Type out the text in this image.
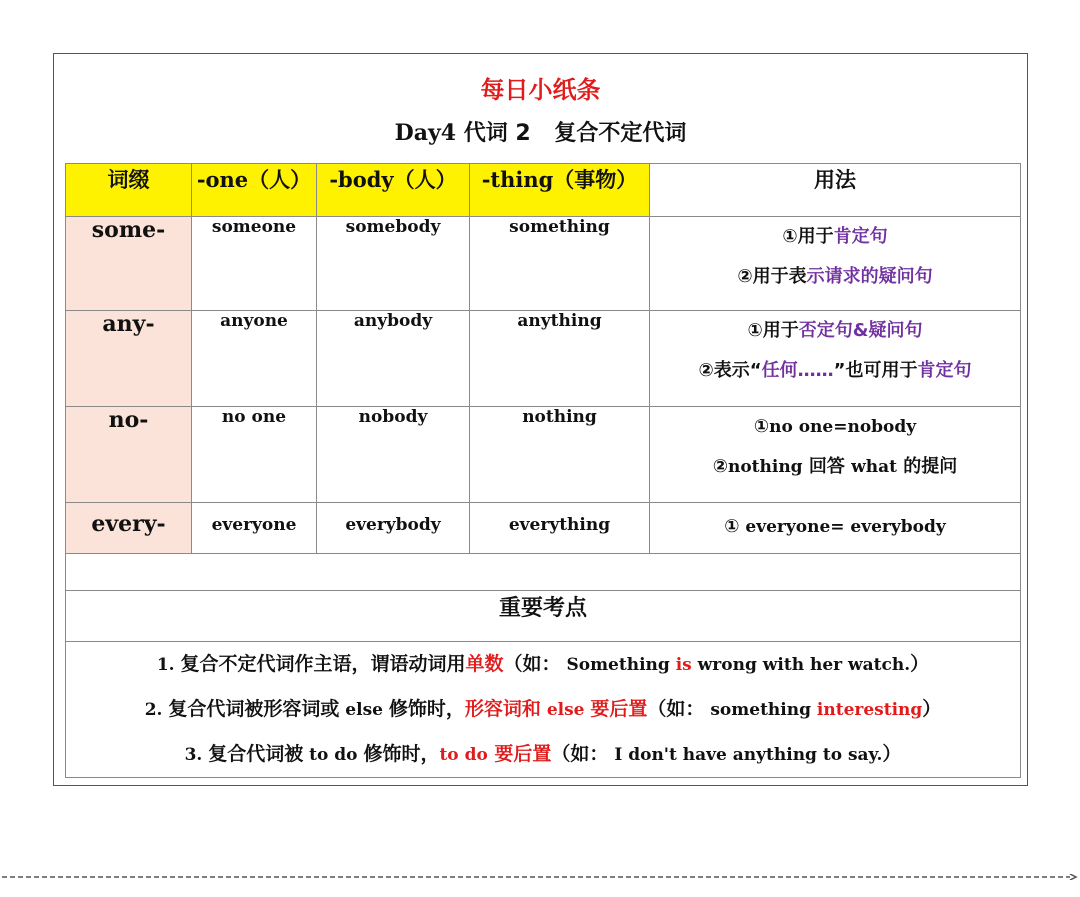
每日小纸条
Day4 代词 2 复合不定代词
词缀	-one（人）	-body（人）	-thing（事物）	用法
some-	someone	somebody	something	①用于肯定句
②用于表示请求的疑问句

any-	anyone	anybody	anything	①用于否定句&疑问句
②表示“任何……”也可用于肯定句

no-	no one	nobody	nothing	①no one=nobody
②nothing 回答 what 的提问

every-	everyone	everybody	everything	① everyone= everybody

重要考点				

1. 复合不定代词作主语，谓语动词用单数（如： Something is wrong with her watch.）
2. 复合代词被形容词或 else 修饰时，形容词和 else 要后置（如： something interesting）
3. 复合代词被 to do 修饰时，to do 要后置（如： I don't have anything to say.）				
